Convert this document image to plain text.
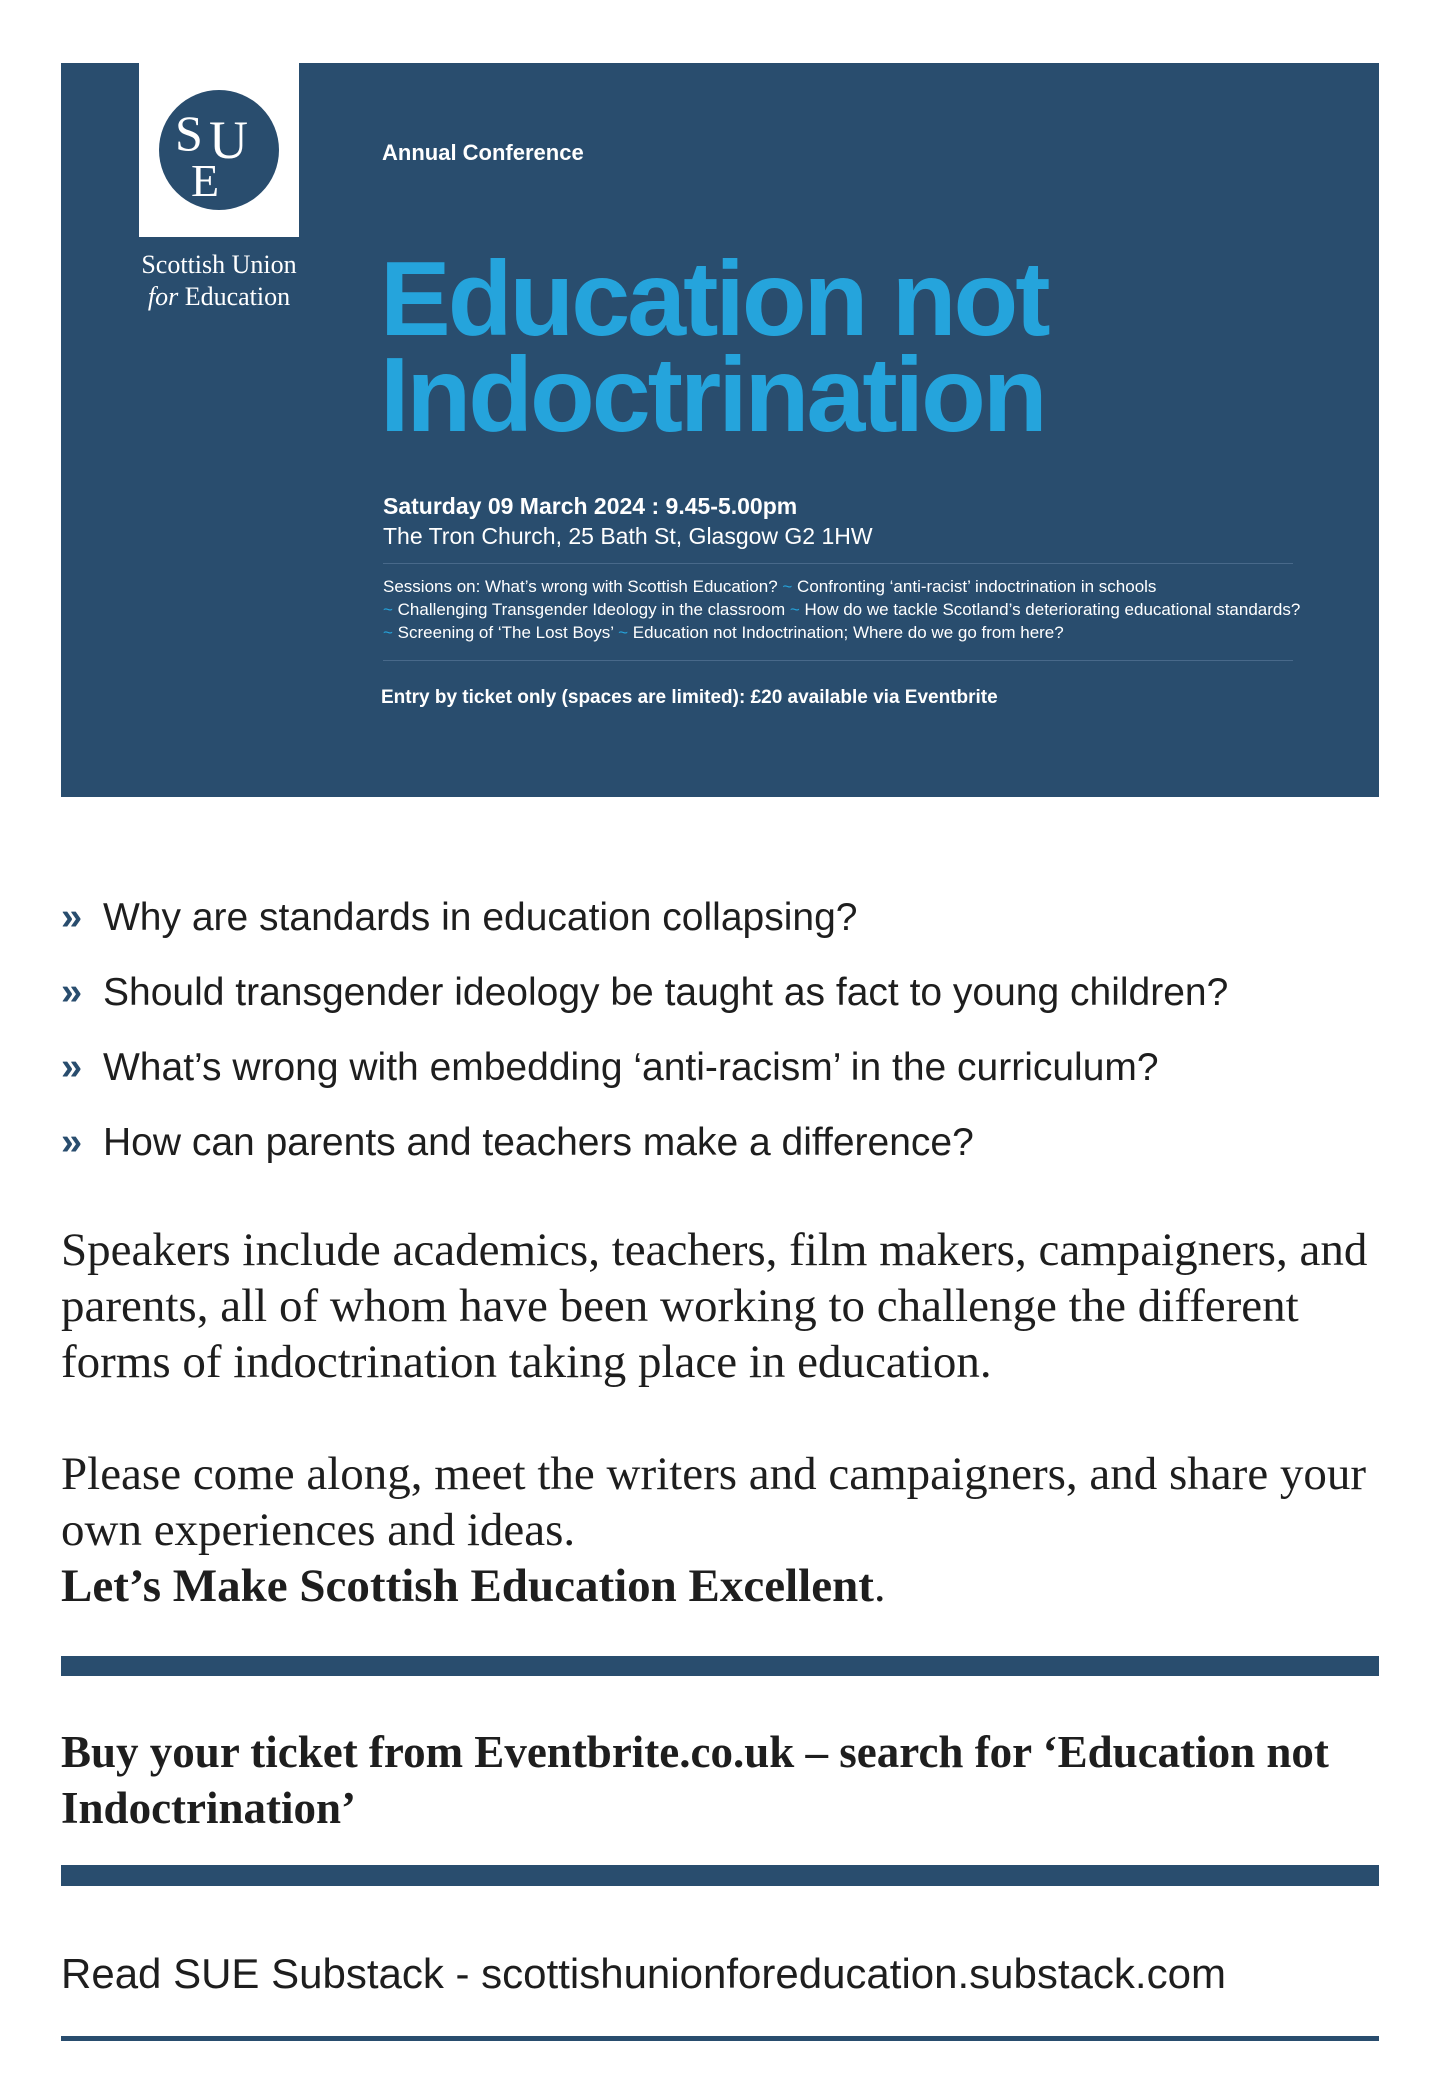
S U
E
Scottish Union
for Education
Annual Conference
Education not
Indoctrination
Saturday 09 March 2024 : 9.45-5.00pm
The Tron Church, 25 Bath St, Glasgow G2 1HW
Sessions on: What’s wrong with Scottish Education? ~ Confronting ‘anti-racist’ indoctrination in schools
~ Challenging Transgender Ideology in the classroom ~ How do we tackle Scotland’s deteriorating educational standards? ~ Screening of ‘The Lost Boys’ ~ Education not Indoctrination; Where do we go from here?
Entry by ticket only (spaces are limited): £20 available via Eventbrite
» Why are standards in education collapsing?
» Should transgender ideology be taught as fact to young children?
» What’s wrong with embedding ‘anti-racism’ in the curriculum?
» How can parents and teachers make a difference?
Speakers include academics, teachers, film makers, campaigners, and parents, all of whom have been working to challenge the different forms of indoctrination taking place in education.
Please come along, meet the writers and campaigners, and share your own experiences and ideas.
Let’s Make Scottish Education Excellent.
Buy your ticket from Eventbrite.co.uk – search for ‘Education not Indoctrination’
Read SUE Substack - scottishunionforeducation.substack.com
